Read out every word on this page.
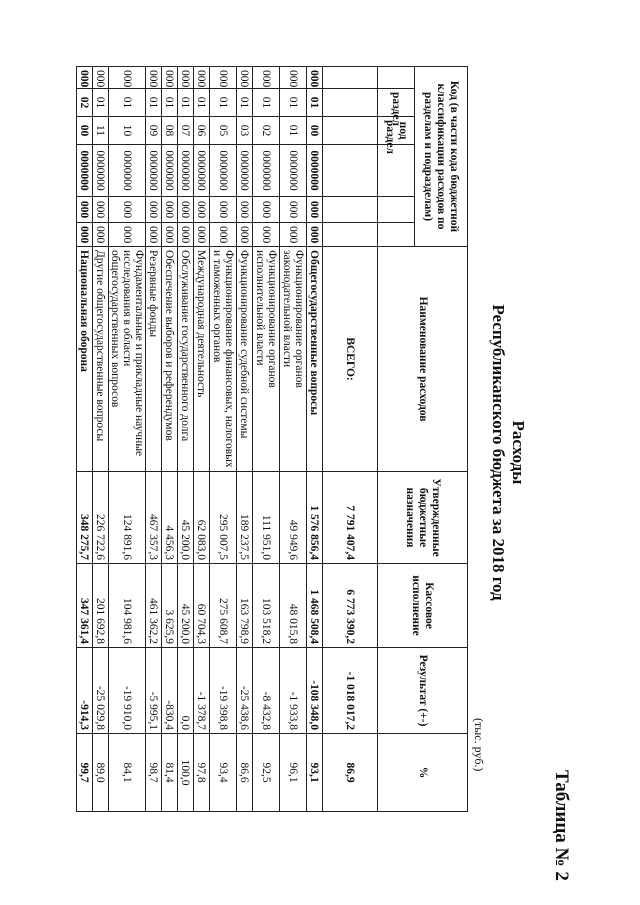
Таблица № 2
Расходы
Республиканского бюджета за 2018 год
(тыс. руб.)
Код (в части кода бюджетной классификации расходов по разделам и подразделам)						Наименование расходов	Утвержденные бюджетные назначения	Кассовое исполнение	Результат (+-)	%
	раздел	под раздел								
						ВСЕГО:	7 791 407,4	6 773 390,2	-1 018 017,2	86,9
000	01	00	0000000	000	000	Общегосударственные вопросы	1 576 856,4	1 468 508,4	-108 348,0	93,1
000	01	01	0000000	000	000	Функционирование органов законодательной власти	49 949,6	48 015,8	-1 933,8	96,1
000	01	02	0000000	000	000	Функционирование органов исполнительной власти	111 951,0	103 518,2	-8 432,8	92,5
000	01	03	0000000	000	000	Функционирование судебной системы	189 237,5	163 798,9	-25 438,6	86,6
000	01	05	0000000	000	000	Функционирование финансовых, налоговых и таможенных органов	295 007,5	275 608,7	-19 398,8	93,4
000	01	06	0000000	000	000	Международная деятельность	62 083,0	60 704,3	-1 378,7	97,8
000	01	07	0000000	000	000	Обслуживание государственного долга	45 200,0	45 200,0	0,0	100,0
000	01	08	0000000	000	000	Обеспечение выборов и референдумов	4 456,3	3 625,9	-830,4	81,4
000	01	09	0000000	000	000	Резервные фонды	467 357,3	461 362,2	-5 995,1	98,7
000	01	10	0000000	000	000	Фундаментальные и прикладные научные исследования в области общегосударственных вопросов	124 891,6	104 981,6	-19 910,0	84,1
000	01	11	0000000	000	000	Другие общегосударственные вопросы	226 722,6	201 692,8	-25 029,8	89,0
000	02	00	0000000	000	000	Национальная оборона	348 275,7	347 361,4	-914,3	99,7
